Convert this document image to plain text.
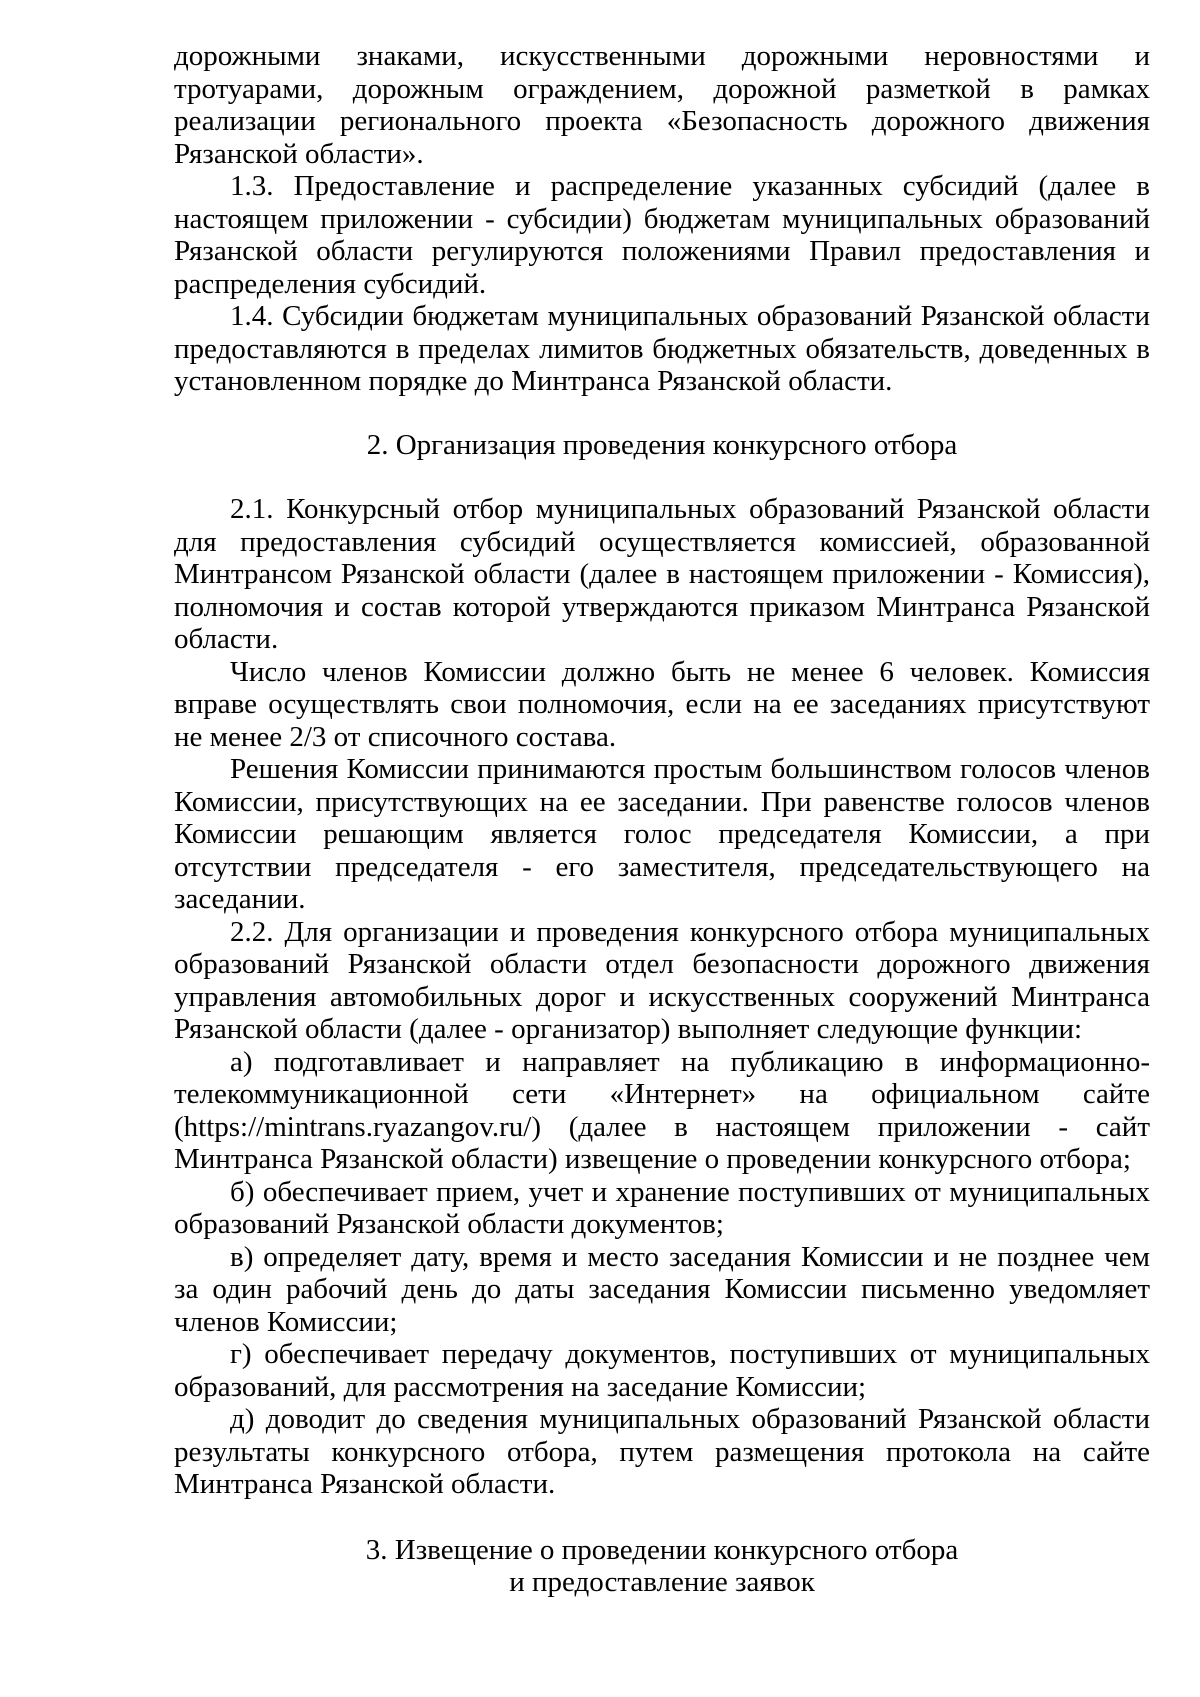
дорожными знаками, искусственными дорожными неровностями и тротуарами, дорожным ограждением, дорожной разметкой в рамках реализации регионального проекта «Безопасность дорожного движения Рязанской области».

1.3. Предоставление и распределение указанных субсидий (далее в настоящем приложении - субсидии) бюджетам муниципальных образований Рязанской области регулируются положениями Правил предоставления и распределения субсидий.

1.4. Субсидии бюджетам муниципальных образований Рязанской области предоставляются в пределах лимитов бюджетных обязательств, доведенных в установленном порядке до Минтранса Рязанской области.

2. Организация проведения конкурсного отбора

2.1. Конкурсный отбор муниципальных образований Рязанской области для предоставления субсидий осуществляется комиссией, образованной Минтрансом Рязанской области (далее в настоящем приложении - Комиссия), полномочия и состав которой утверждаются приказом Минтранса Рязанской области.

Число членов Комиссии должно быть не менее 6 человек. Комиссия вправе осуществлять свои полномочия, если на ее заседаниях присутствуют не менее 2/3 от списочного состава.

Решения Комиссии принимаются простым большинством голосов членов Комиссии, присутствующих на ее заседании. При равенстве голосов членов Комиссии решающим является голос председателя Комиссии, а при отсутствии председателя - его заместителя, председательствующего на заседании.

2.2. Для организации и проведения конкурсного отбора муниципальных образований Рязанской области отдел безопасности дорожного движения управления автомобильных дорог и искусственных сооружений Минтранса Рязанской области (далее - организатор) выполняет следующие функции:

а) подготавливает и направляет на публикацию в информационно-телекоммуникационной сети «Интернет» на официальном сайте (https://mintrans.ryazangov.ru/) (далее в настоящем приложении - сайт Минтранса Рязанской области) извещение о проведении конкурсного отбора;

б) обеспечивает прием, учет и хранение поступивших от муниципальных образований Рязанской области документов;

в) определяет дату, время и место заседания Комиссии и не позднее чем за один рабочий день до даты заседания Комиссии письменно уведомляет членов Комиссии;

г) обеспечивает передачу документов, поступивших от муниципальных образований, для рассмотрения на заседание Комиссии;

д) доводит до сведения муниципальных образований Рязанской области результаты конкурсного отбора, путем размещения протокола на сайте Минтранса Рязанской области.

3. Извещение о проведении конкурсного отбора

и предоставление заявок
